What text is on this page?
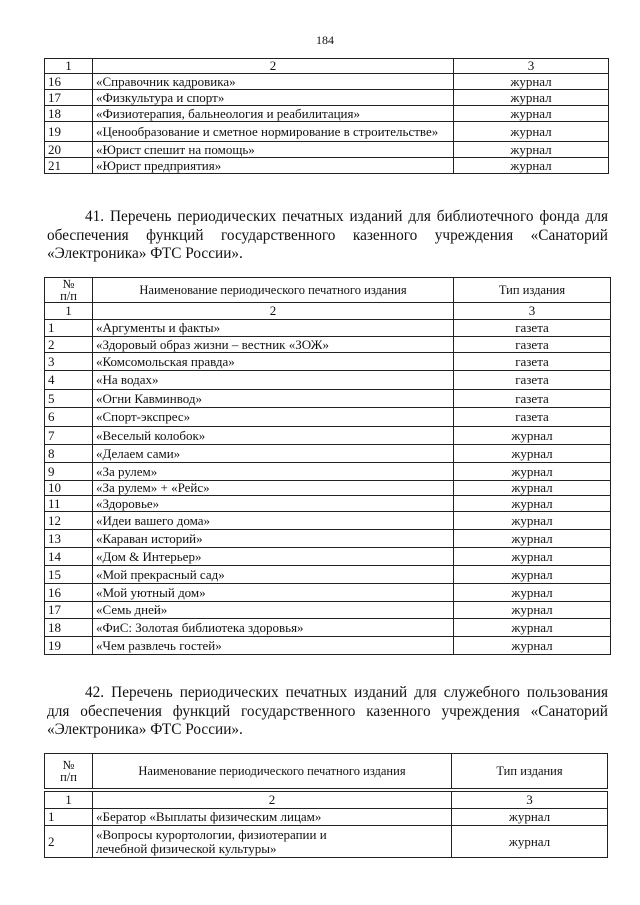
184
1	2	3
16	«Справочник кадровика»	журнал
17	«Физкультура и спорт»	журнал
18	«Физиотерапия, бальнеология и реабилитация»	журнал
19	«Ценообразование и сметное нормирование в строительстве»	журнал
20	«Юрист спешит на помощь»	журнал
21	«Юрист предприятия»	журнал
41. Перечень периодических печатных изданий для библиотечного фонда для обеспечения функций государственного казенного учреждения «Санаторий «Электроника» ФТС России».
№
п/п	Наименование периодического печатного издания	Тип издания
1	2	3
1	«Аргументы и факты»	газета
2	«Здоровый образ жизни – вестник «ЗОЖ»	газета
3	«Комсомольская правда»	газета
4	«На водах»	газета
5	«Огни Кавминвод»	газета
6	«Спорт-экспрес»	газета
7	«Веселый колобок»	журнал
8	«Делаем сами»	журнал
9	«За рулем»	журнал
10	«За рулем» + «Рейс»	журнал
11	«Здоровье»	журнал
12	«Идеи вашего дома»	журнал
13	«Караван историй»	журнал
14	«Дом & Интерьер»	журнал
15	«Мой прекрасный сад»	журнал
16	«Мой уютный дом»	журнал
17	«Семь дней»	журнал
18	«ФиС: Золотая библиотека здоровья»	журнал
19	«Чем развлечь гостей»	журнал
42. Перечень периодических печатных изданий для служебного пользования для обеспечения функций государственного казенного учреждения «Санаторий «Электроника» ФТС России».
№
п/п	Наименование периодического печатного издания	Тип издания

1	2	3
1	«Бератор «Выплаты физическим лицам»	журнал
2	«Вопросы курортологии, физиотерапии и лечебной физической культуры»	журнал
